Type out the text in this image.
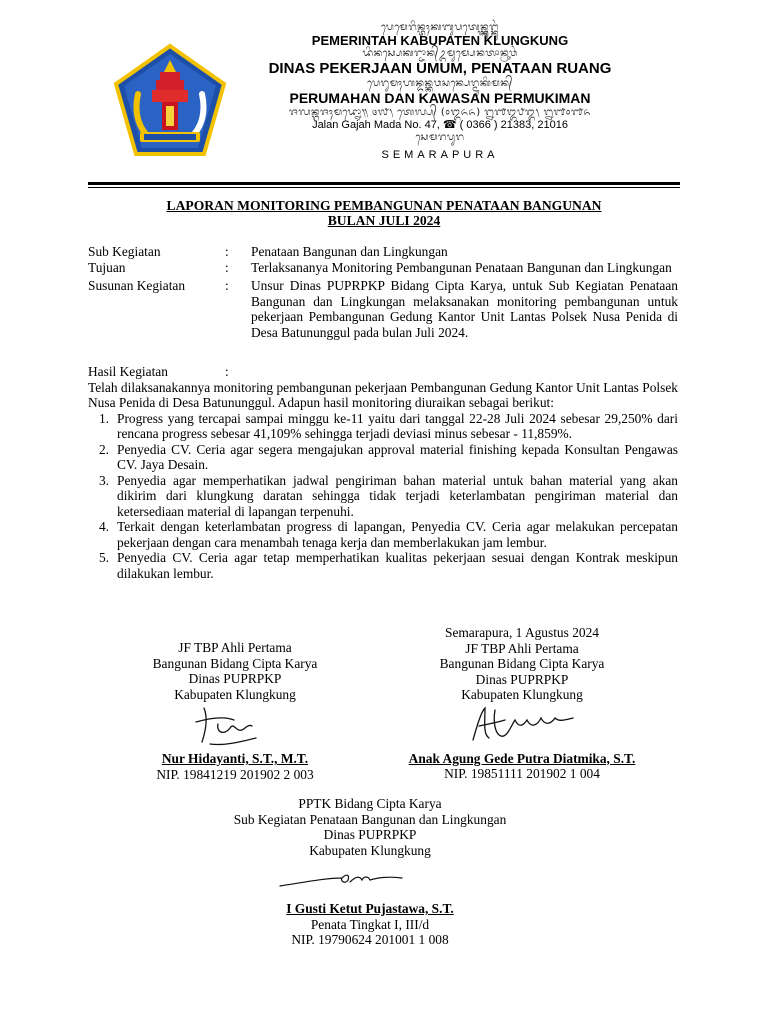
ᬧᬾᬫᬾᬭᬶᬦ᭄ᬢᬄᬓᬩᬸᬧᬢᬾᬦ᭄ᬓ᭄ᬮᬸᬗ᭄ᬓᬸᬂ
PEMERINTAH KABUPATEN KLUNGKUNG
ᬤᬶᬦᬲ᭄ᬧᬾᬓᬭ᭄ᬚᬵᬦ᭄ᬉᬫᬸᬫ᭄ᬧᬾᬦᬢᬵᬦ᭄ᬭᬸᬯᬂ
DINAS PEKERJAAN UMUM, PENATAAN RUANG
ᬧᬾᬭᬸᬫᬄᬳᬦ᭄ᬤᬦ᭄ᬓᬯᬲᬦ᭄ᬧᬾᬭ᭄ᬫᬸᬓᬶᬫᬦ᭄
PERUMAHAN DAN KAWASAN PERMUKIMAN
ᬚᬮᬦ᭄ᬕᬚᬄᬫᬤ᭄ᬦᭀ᭟ ᭔᭗᭞ ᬢᬾᬮ᭄ᬧ᭄ (᭐᭓᭖᭖) ᭒᭑᭓᭘᭓᭞ ᭒᭑᭐᭑᭖
Jalan Gajah Mada No. 47, ☎ ( 0366 ) 21383, 21016
ᬲᬾᬫᬭᬧᬸᬭ
SEMARAPURA
LAPORAN MONITORING PEMBANGUNAN PENATAAN BANGUNAN
BULAN JULI 2024
Sub Kegiatan	:	Penataan Bangunan dan Lingkungan
Tujuan	:	Terlaksananya Monitoring Pembangunan Penataan Bangunan dan Lingkungan
Susunan Kegiatan	:	Unsur Dinas PUPRPKP Bidang Cipta Karya, untuk Sub Kegiatan Penataan Bangunan dan Lingkungan melaksanakan monitoring pembangunan untuk pekerjaan Pembangunan Gedung Kantor Unit Lantas Polsek Nusa Penida di Desa Batununggul pada bulan Juli 2024.
Hasil Kegiatan	:
Telah dilaksanakannya monitoring pembangunan pekerjaan Pembangunan Gedung Kantor Unit Lantas Polsek Nusa Penida di Desa Batununggul. Adapun hasil monitoring diuraikan sebagai berikut:
1. Progress yang tercapai sampai minggu ke-11 yaitu dari tanggal 22-28 Juli 2024 sebesar 29,250% dari rencana progress sebesar 41,109% sehingga terjadi deviasi minus sebesar - 11,859%.
2. Penyedia CV. Ceria agar segera mengajukan approval material finishing kepada Konsultan Pengawas CV. Jaya Desain.
3. Penyedia agar memperhatikan jadwal pengiriman bahan material untuk bahan material yang akan dikirim dari klungkung daratan sehingga tidak terjadi keterlambatan pengiriman material dan ketersediaan material di lapangan terpenuhi.
4. Terkait dengan keterlambatan progress di lapangan, Penyedia CV. Ceria agar melakukan percepatan pekerjaan dengan cara menambah tenaga kerja dan memberlakukan jam lembur.
5. Penyedia CV. Ceria agar tetap memperhatikan kualitas pekerjaan sesuai dengan Kontrak meskipun dilakukan lembur.
JF TBP Ahli Pertama
Bangunan Bidang Cipta Karya
Dinas PUPRPKP
Kabupaten Klungkung
Nur Hidayanti, S.T., M.T.
NIP. 19841219 201902 2 003
Semarapura, 1 Agustus 2024
JF TBP Ahli Pertama
Bangunan Bidang Cipta Karya
Dinas PUPRPKP
Kabupaten Klungkung
Anak Agung Gede Putra Diatmika, S.T.
NIP. 19851111 201902 1 004
PPTK Bidang Cipta Karya
Sub Kegiatan Penataan Bangunan dan Lingkungan
Dinas PUPRPKP
Kabupaten Klungkung
I Gusti Ketut Pujastawa, S.T.
Penata Tingkat I, III/d
NIP. 19790624 201001 1 008
